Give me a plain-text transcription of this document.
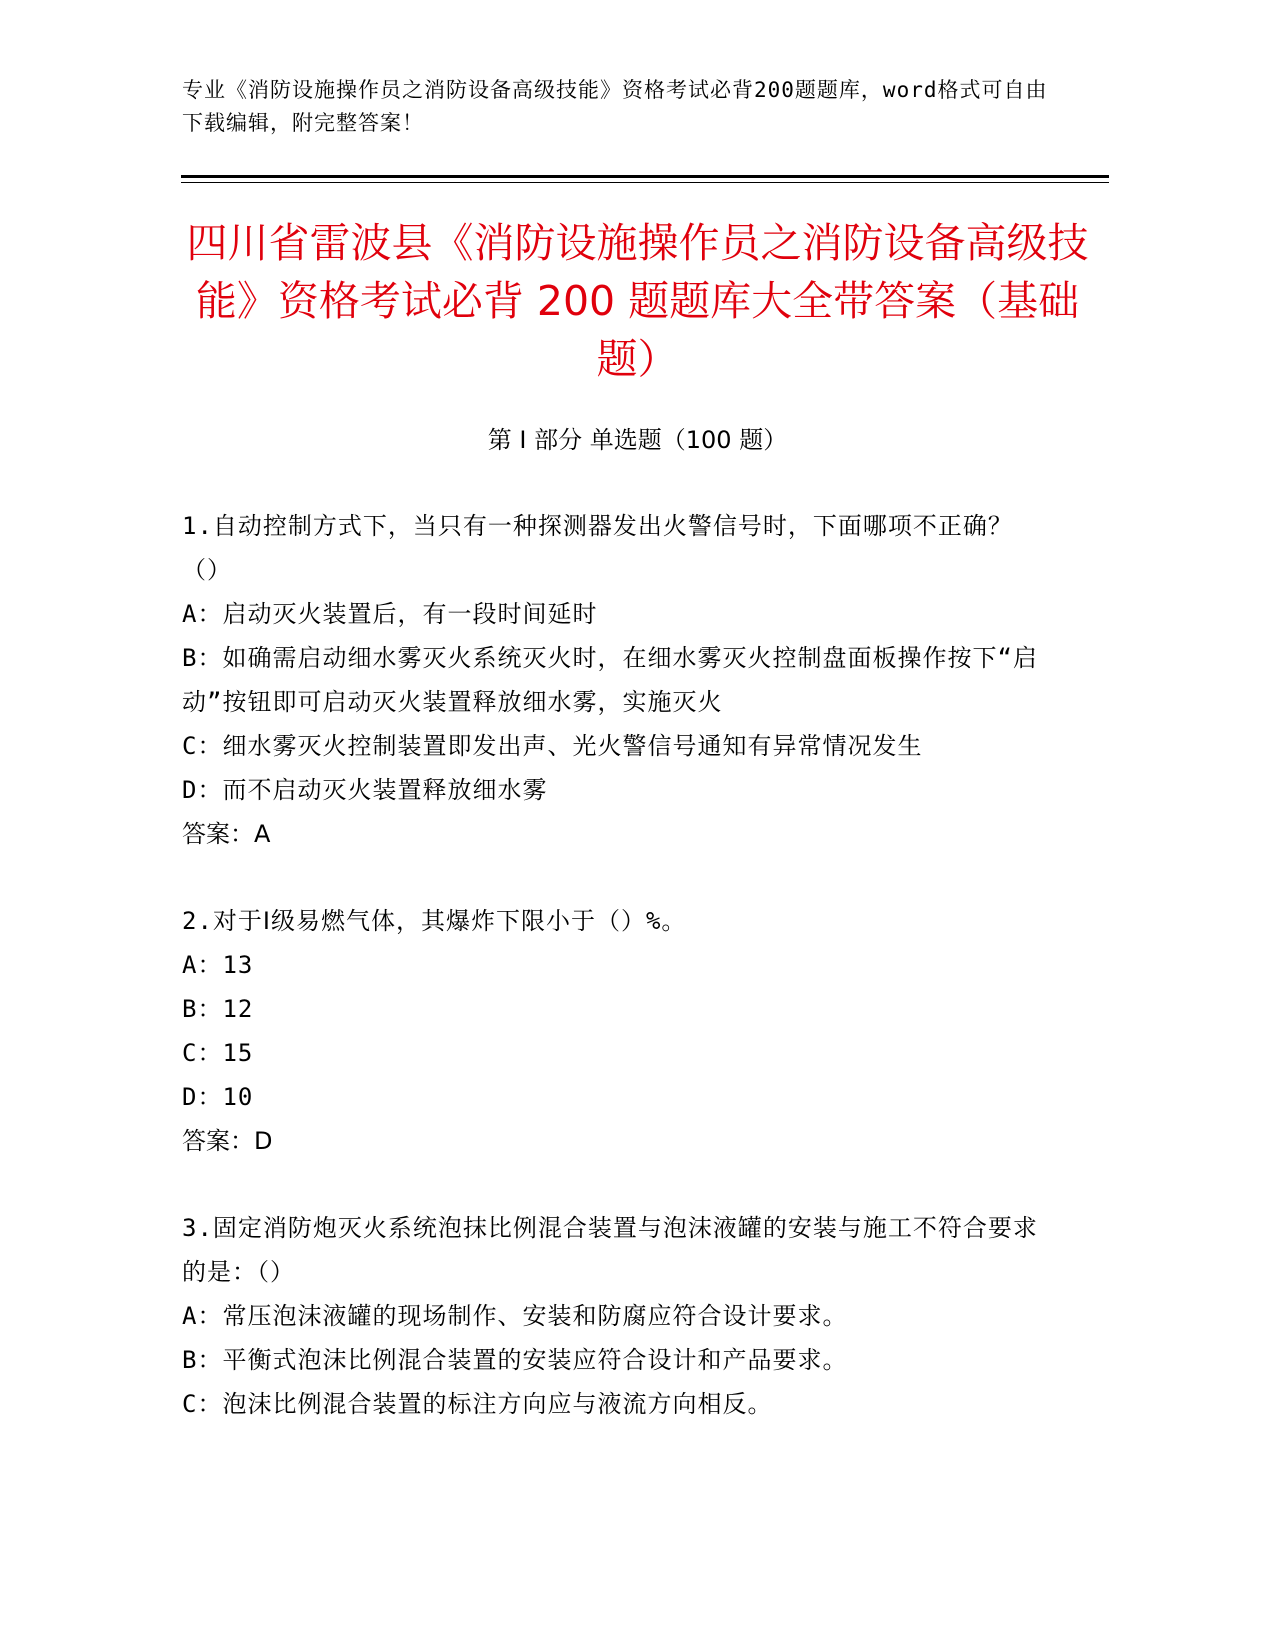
专业《消防设施操作员之消防设备高级技能》资格考试必背200题题库，word格式可自由下载编辑，附完整答案！
四川省雷波县《消防设施操作员之消防设备高级技能》资格考试必背 200 题题库大全带答案（基础题）
第 I 部分 单选题（100 题）

1.自动控制方式下，当只有一种探测器发出火警信号时，下面哪项不正确？（）

A：启动灭火装置后，有一段时间延时

B：如确需启动细水雾灭火系统灭火时，在细水雾灭火控制盘面板操作按下“启动”按钮即可启动灭火装置释放细水雾，实施灭火

C：细水雾灭火控制装置即发出声、光火警信号通知有异常情况发生

D：而不启动灭火装置释放细水雾

答案：A

2.对于Ⅰ级易燃气体，其爆炸下限小于（）%。

A：13

B：12

C：15

D：10

答案：D

3.固定消防炮灭火系统泡抹比例混合装置与泡沫液罐的安装与施工不符合要求的是：（）

A：常压泡沫液罐的现场制作、安装和防腐应符合设计要求。

B：平衡式泡沫比例混合装置的安装应符合设计和产品要求。

C：泡沫比例混合装置的标注方向应与液流方向相反。
